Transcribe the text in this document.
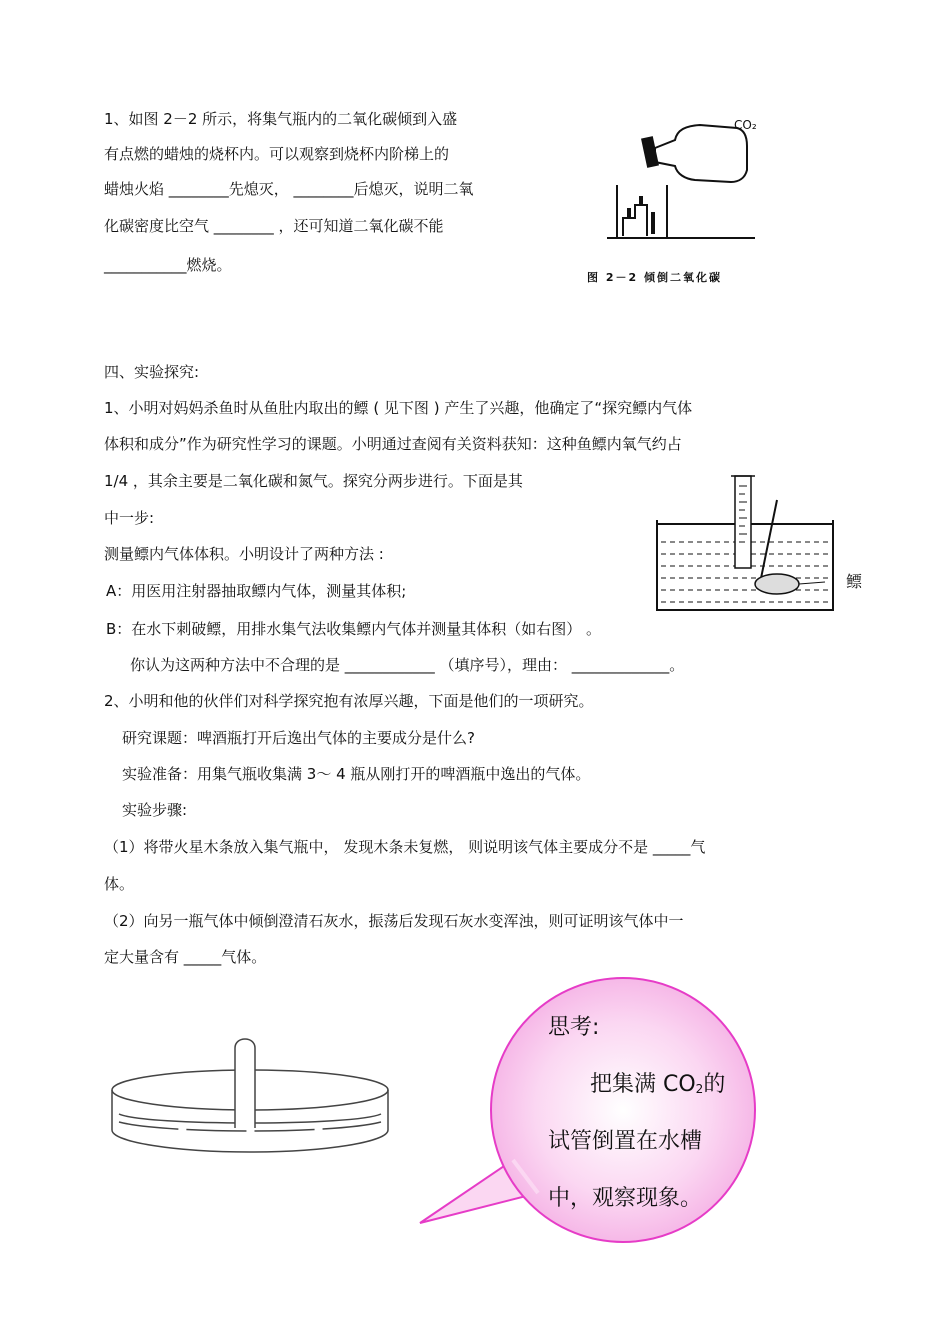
1、如图 2－2 所示，将集气瓶内的二氧化碳倾到入盛
有点燃的蜡烛的烧杯内。可以观察到烧杯内阶梯上的
蜡烛火焰 ________先熄灭， ________后熄灭，说明二氧
化碳密度比空气 ________ ，还可知道二氧化碳不能
___________燃烧。
CO₂
图 2－2 倾倒二氧化碳
四、实验探究:
1、小明对妈妈杀鱼时从鱼肚内取出的鳔 ( 见下图 ) 产生了兴趣，他确定了“探究鳔内气体
体积和成分”作为研究性学习的课题。小明通过查阅有关资料获知：这种鱼鳔内氧气约占
1/4 ，其余主要是二氧化碳和氮气。探究分两步进行。下面是其
中一步:
测量鳔内气体体积。小明设计了两种方法 :
A：用医用注射器抽取鳔内气体，测量其体积;
B：在水下刺破鳔，用排水集气法收集鳔内气体并测量其体积（如右图） 。
你认为这两种方法中不合理的是 ____________ （填序号），理由： _____________。
鳔
2、小明和他的伙伴们对科学探究抱有浓厚兴趣，下面是他们的一项研究。
研究课题：啤酒瓶打开后逸出气体的主要成分是什么?
实验准备：用集气瓶收集满 3～ 4 瓶从刚打开的啤酒瓶中逸出的气体。
实验步骤:
（1）将带火星木条放入集气瓶中， 发现木条未复燃， 则说明该气体主要成分不是 _____气
体。
（2）向另一瓶气体中倾倒澄清石灰水，振荡后发现石灰水变浑浊，则可证明该气体中一
定大量含有 _____气体。
思考:
把集满 CO2的
试管倒置在水槽
中，观察现象。
